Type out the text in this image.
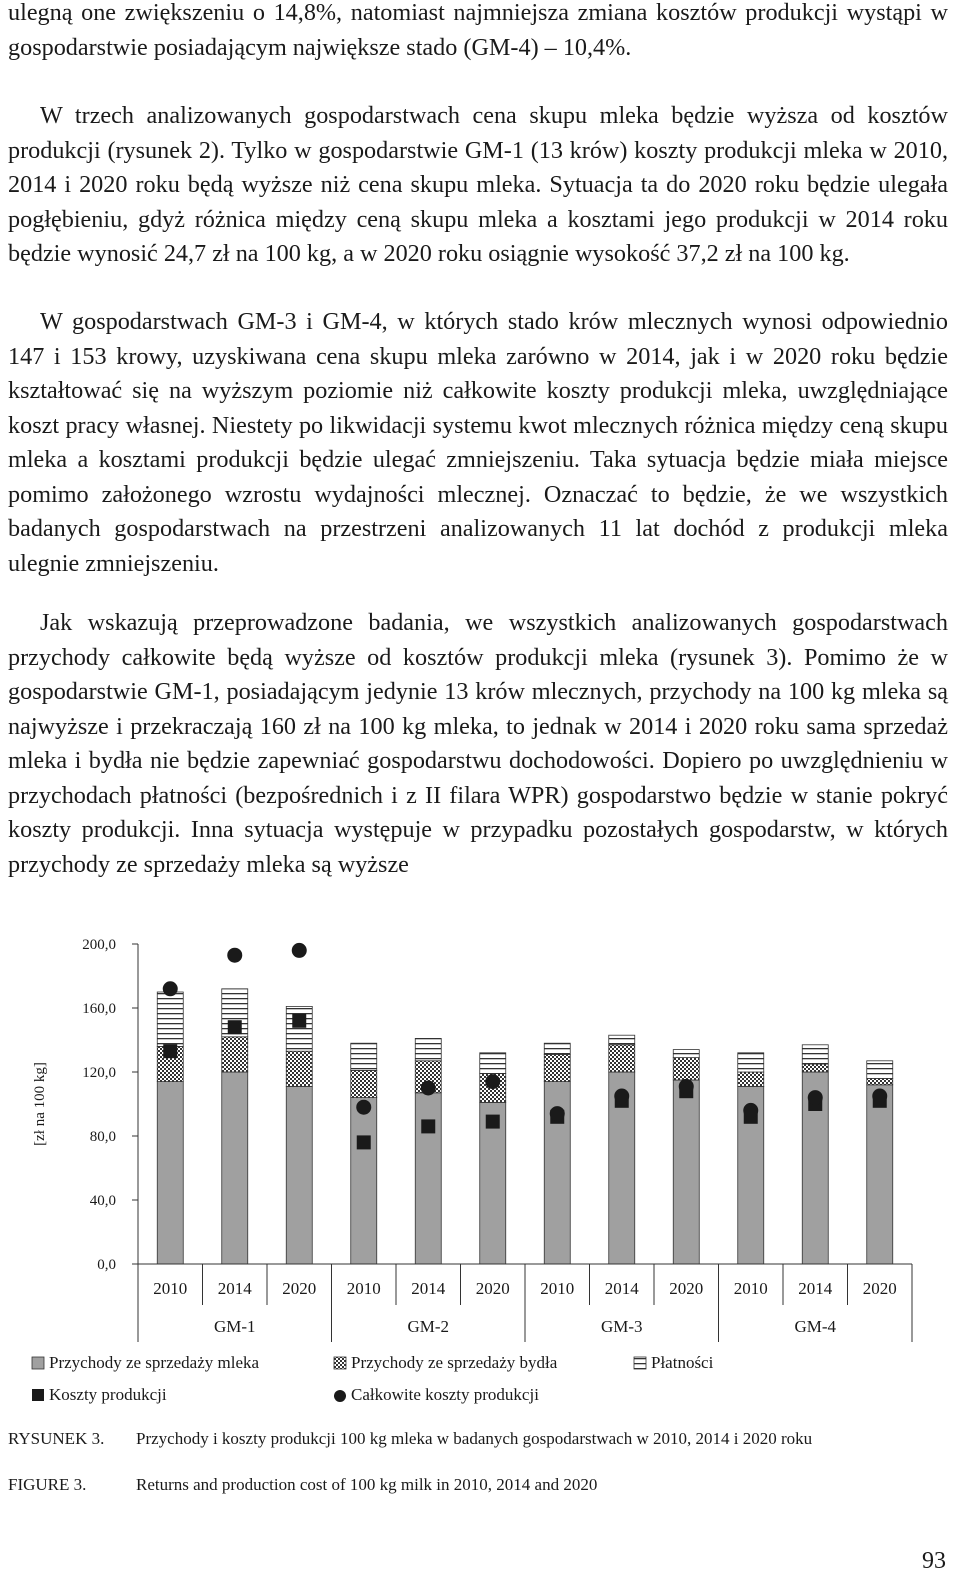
ulegną one zwiększeniu o 14,8%, natomiast najmniejsza zmiana kosztów produkcji wystąpi w gospodarstwie posiadającym największe stado (GM-4) – 10,4%.

W trzech analizowanych gospodarstwach cena skupu mleka będzie wyższa od kosztów produkcji (rysunek 2). Tylko w gospodarstwie GM-1 (13 krów) koszty produkcji mleka w 2010, 2014 i 2020 roku będą wyższe niż cena skupu mleka. Sytuacja ta do 2020 roku będzie ulegała pogłębieniu, gdyż różnica między ceną skupu mleka a kosztami jego produkcji w 2014 roku będzie wynosić 24,7 zł na 100 kg, a w 2020 roku osiągnie wysokość 37,2 zł na 100 kg.

W gospodarstwach GM-3 i GM-4, w których stado krów mlecznych wynosi odpowiednio 147 i 153 krowy, uzyskiwana cena skupu mleka zarówno w 2014, jak i w 2020 roku będzie kształtować się na wyższym poziomie niż całkowite koszty produkcji mleka, uwzględniające koszt pracy własnej. Niestety po likwidacji systemu kwot mlecznych różnica między ceną skupu mleka a kosztami produkcji będzie ulegać zmniejszeniu. Taka sytuacja będzie miała miejsce pomimo założonego wzrostu wydajności mlecznej. Oznaczać to będzie, że we wszystkich badanych gospodarstwach na przestrzeni analizowanych 11 lat dochód z produkcji mleka ulegnie zmniejszeniu.

Jak wskazują przeprowadzone badania, we wszystkich analizowanych gospodarstwach przychody całkowite będą wyższe od kosztów produkcji mleka (rysunek 3). Pomimo że w gospodarstwie GM-1, posiadającym jedynie 13 krów mlecznych, przychody na 100 kg mleka są najwyższe i przekraczają 160 zł na 100 kg mleka, to jednak w 2014 i 2020 roku sama sprzedaż mleka i bydła nie będzie zapewniać gospodarstwu dochodowości. Dopiero po uwzględnieniu w przychodach płatności (bezpośrednich i z II filara WPR) gospodarstwo będzie w stanie pokryć koszty produkcji. Inna sytuacja występuje w przypadku pozostałych gospodarstw, w których przychody ze sprzedaży mleka są wyższe

0,0
40,0
80,0
120,0
160,0
200,0
[zł na 100 kg]
2010 2014 2020 2010 2014 2020 2010 2014 2020 2010 2014 2020
GM-1	GM-2	GM-3	GM-4
Przychody ze sprzedaży mleka	Przychody ze sprzedaży bydła	Płatności
Koszty produkcji	Całkowite koszty produkcji
RYSUNEK 3. Przychody i koszty produkcji 100 kg mleka w badanych gospodarstwach w 2010, 2014 i 2020 roku
FIGURE 3.	Returns and production cost of 100 kg milk in 2010, 2014 and 2020
93
